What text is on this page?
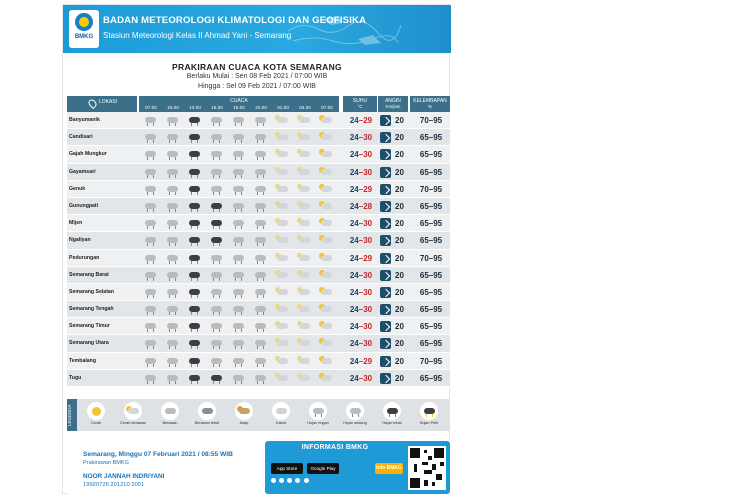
BMKG
BADAN METEOROLOGI KLIMATOLOGI DAN GEOFISIKA
Stasiun Meteorologi Kelas II Ahmad Yani - Semarang
PRAKIRAAN CUACA KOTA SEMARANG
Berlaku Mulai : Sen 08 Feb 2021 / 07:00 WIB
Hingga : Sel 09 Feb 2021 / 07:00 WIB
LOKASI	CUACA
07.00	10.00	13.00	16.00	19.00	22.00	01.00	04.00	07.00
SUHU
°C
ANGIN
Km/jam
KELEMBAPAN
%
Banyumanik	24–29	20	70–95
Candisari	24–30	20	65–95
Gajah Mungkur	24–30	20	65–95
Gayamsari	24–30	20	65–95
Genuk	24–29	20	70–95
Gunungpati	24–28	20	65–95
Mijen	24–30	20	65–95
Ngaliyan	24–30	20	65–95
Pedurungan	24–29	20	70–95
Semarang Barat	24–30	20	65–95
Semarang Selatan	24–30	20	65–95
Semarang Tengah	24–30	20	65–95
Semarang Timur	24–30	20	65–95
Semarang Utara	24–30	20	65–95
Tembalang	24–29	20	70–95
Tugu	24–30	20	65–95
LEGENDA	Cerah	Cerah berawan	Berawan	Berawan tebal	Asap	Kabut	Hujan ringan	Hujan sedang	Hujan lebat	Hujan Petir
Semarang, Minggu 07 Februari 2021 / 08:55 WIB
Prakirawan BMKG
NOOR JANNAH INDRIYANI
19920726 201210 2001
INFORMASI BMKG
App Store	Google Play	Info BMKG
